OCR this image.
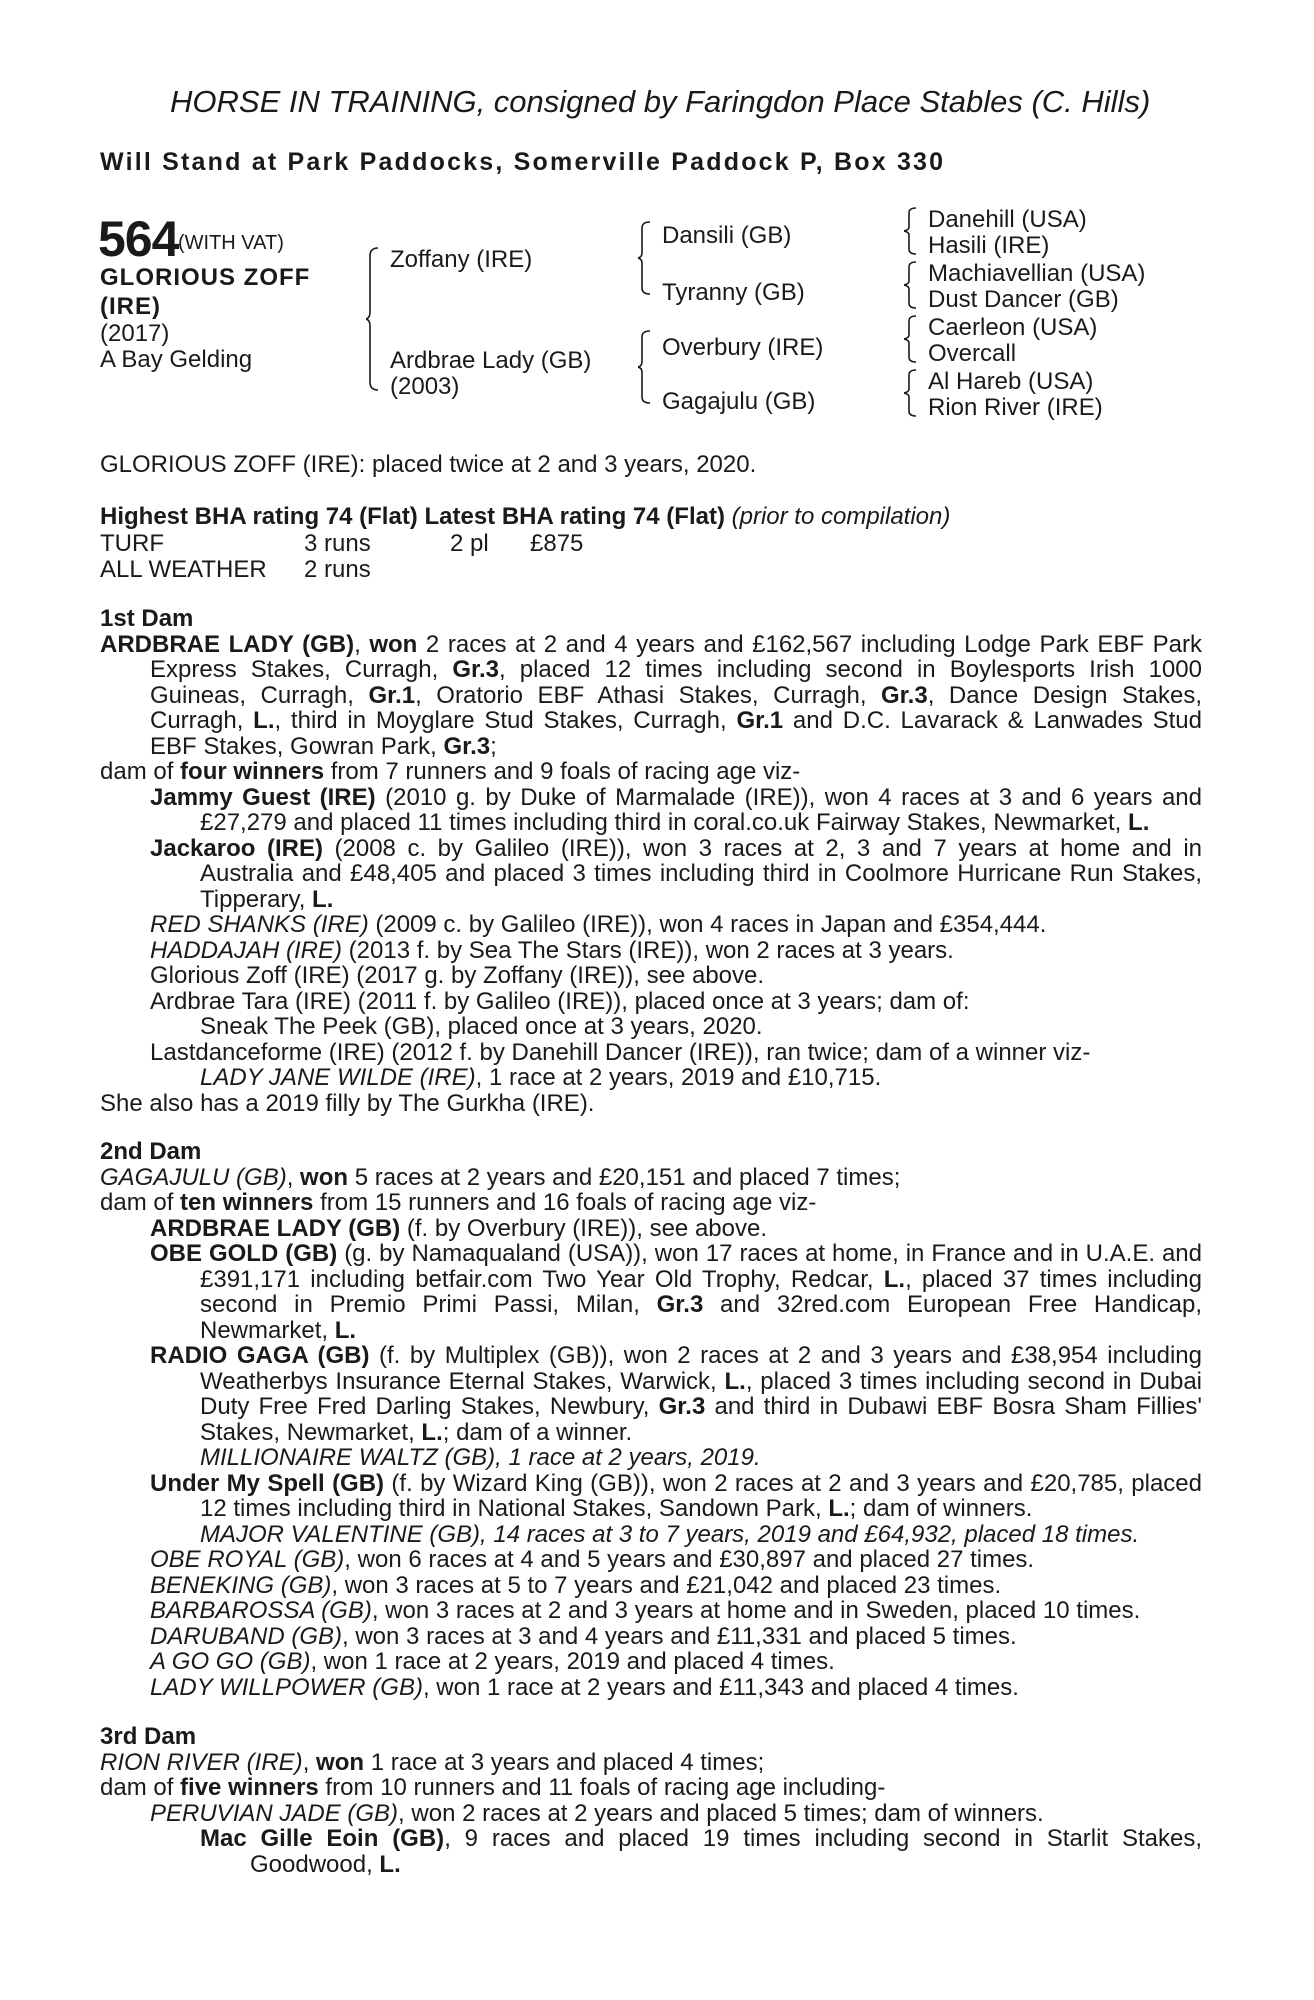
HORSE IN TRAINING, consigned by Faringdon Place Stables (C. Hills)
Will Stand at Park Paddocks, Somerville Paddock P, Box 330
564 (WITH VAT)
GLORIOUS ZOFF
(IRE)
(2017)
A Bay Gelding
Zoffany (IRE)
Ardbrae Lady (GB)
(2003)
Dansili (GB)
Tyranny (GB)
Overbury (IRE)
Gagajulu (GB)
Danehill (USA)
Hasili (IRE)
Machiavellian (USA)
Dust Dancer (GB)
Caerleon (USA)
Overcall
Al Hareb (USA)
Rion River (IRE)
GLORIOUS ZOFF (IRE): placed twice at 2 and 3 years, 2020.
Highest BHA rating 74 (Flat) Latest BHA rating 74 (Flat) (prior to compilation)
TURF	3 runs	2 pl £875
ALL WEATHER 2 runs

1st Dam

ARDBRAE LADY (GB), won 2 races at 2 and 4 years and £162,567 including Lodge Park EBF Park Express Stakes, Curragh, Gr.3, placed 12 times including second in Boylesports Irish 1000 Guineas, Curragh, Gr.1, Oratorio EBF Athasi Stakes, Curragh, Gr.3, Dance Design Stakes, Curragh, L., third in Moyglare Stud Stakes, Curragh, Gr.1 and D.C. Lavarack & Lanwades Stud EBF Stakes, Gowran Park, Gr.3;

dam of four winners from 7 runners and 9 foals of racing age viz-

Jammy Guest (IRE) (2010 g. by Duke of Marmalade (IRE)), won 4 races at 3 and 6 years and £27,279 and placed 11 times including third in coral.co.uk Fairway Stakes, Newmarket, L.

Jackaroo (IRE) (2008 c. by Galileo (IRE)), won 3 races at 2, 3 and 7 years at home and in Australia and £48,405 and placed 3 times including third in Coolmore Hurricane Run Stakes, Tipperary, L.

RED SHANKS (IRE) (2009 c. by Galileo (IRE)), won 4 races in Japan and £354,444.

HADDAJAH (IRE) (2013 f. by Sea The Stars (IRE)), won 2 races at 3 years.

Glorious Zoff (IRE) (2017 g. by Zoffany (IRE)), see above.

Ardbrae Tara (IRE) (2011 f. by Galileo (IRE)), placed once at 3 years; dam of:

Sneak The Peek (GB), placed once at 3 years, 2020.

Lastdanceforme (IRE) (2012 f. by Danehill Dancer (IRE)), ran twice; dam of a winner viz-

LADY JANE WILDE (IRE), 1 race at 2 years, 2019 and £10,715.

She also has a 2019 filly by The Gurkha (IRE).

2nd Dam

GAGAJULU (GB), won 5 races at 2 years and £20,151 and placed 7 times;

dam of ten winners from 15 runners and 16 foals of racing age viz-

ARDBRAE LADY (GB) (f. by Overbury (IRE)), see above.

OBE GOLD (GB) (g. by Namaqualand (USA)), won 17 races at home, in France and in U.A.E. and £391,171 including betfair.com Two Year Old Trophy, Redcar, L., placed 37 times including second in Premio Primi Passi, Milan, Gr.3 and 32red.com European Free Handicap, Newmarket, L.

RADIO GAGA (GB) (f. by Multiplex (GB)), won 2 races at 2 and 3 years and £38,954 including Weatherbys Insurance Eternal Stakes, Warwick, L., placed 3 times including second in Dubai Duty Free Fred Darling Stakes, Newbury, Gr.3 and third in Dubawi EBF Bosra Sham Fillies' Stakes, Newmarket, L.; dam of a winner.

MILLIONAIRE WALTZ (GB), 1 race at 2 years, 2019.

Under My Spell (GB) (f. by Wizard King (GB)), won 2 races at 2 and 3 years and £20,785, placed 12 times including third in National Stakes, Sandown Park, L.; dam of winners.

MAJOR VALENTINE (GB), 14 races at 3 to 7 years, 2019 and £64,932, placed 18 times.

OBE ROYAL (GB), won 6 races at 4 and 5 years and £30,897 and placed 27 times.

BENEKING (GB), won 3 races at 5 to 7 years and £21,042 and placed 23 times.

BARBAROSSA (GB), won 3 races at 2 and 3 years at home and in Sweden, placed 10 times.

DARUBAND (GB), won 3 races at 3 and 4 years and £11,331 and placed 5 times.

A GO GO (GB), won 1 race at 2 years, 2019 and placed 4 times.

LADY WILLPOWER (GB), won 1 race at 2 years and £11,343 and placed 4 times.

3rd Dam

RION RIVER (IRE), won 1 race at 3 years and placed 4 times;

dam of five winners from 10 runners and 11 foals of racing age including-

PERUVIAN JADE (GB), won 2 races at 2 years and placed 5 times; dam of winners.

Mac Gille Eoin (GB), 9 races and placed 19 times including second in Starlit Stakes, Goodwood, L.
